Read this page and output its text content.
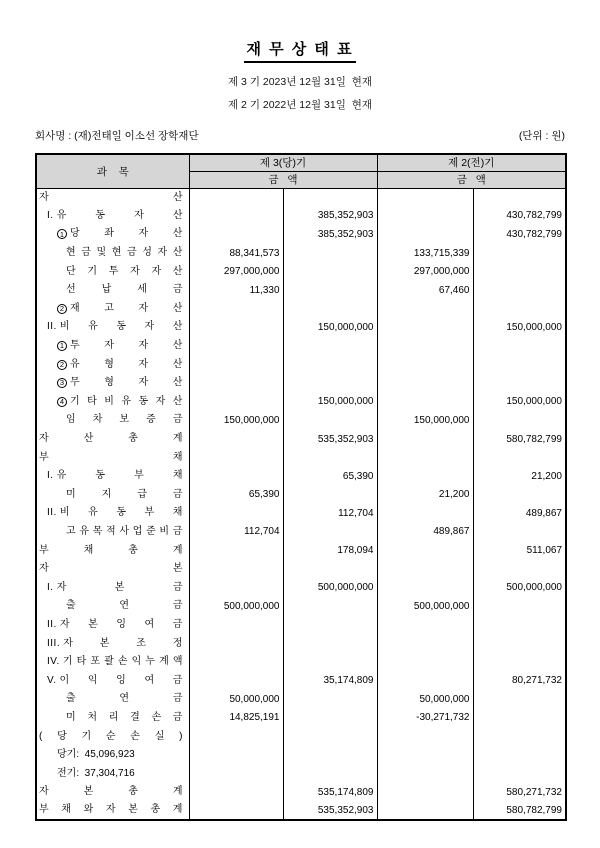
재 무 상 태 표
제 3 기 2023년 12월 31일  현재
제 2 기 2022년 12월 31일  현재
회사명 : (재)전태일 이소선 장학재단	(단위 : 원)
과    목	제 3(당)기		제 2(전)기	
	금   액		금   액	

자 산				

I. 유 동 자 산		385,352,903		430,782,799

1 당 좌 자 산		385,352,903		430,782,799

현 금 및 현 금 성 자 산	88,341,573		133,715,339	

단 기 투 자 자 산	297,000,000		297,000,000	

선 납 세 금	11,330		67,460	

2 재 고 자 산				

II. 비 유 동 자 산		150,000,000		150,000,000

1 투 자 자 산				

2 유 형 자 산				

3 무 형 자 산				

4 기 타 비 유 동 자 산		150,000,000		150,000,000

임 차 보 증 금	150,000,000		150,000,000	

자 산 총 계		535,352,903		580,782,799

부 채				

I. 유 동 부 채		65,390		21,200

미 지 급 금	65,390		21,200	

II. 비 유 동 부 채		112,704		489,867

고 유 목 적 사 업 준 비 금	112,704		489,867	

부 채 총 계		178,094		511,067

자 본				

I. 자 본 금		500,000,000		500,000,000

출 연 금	500,000,000		500,000,000	

II. 자 본 잉 여 금

III. 자 본 조 정				

IV. 기 타 포 괄 손 익 누 계 액

V. 이 익 잉 여 금		35,174,809		80,271,732

출 연 금	50,000,000		50,000,000	

미 처 리 결 손 금	14,825,191		-30,271,732	

( 당 기 순 손 실 )

당기:  45,096,923				

전기:  37,304,716				

자 본 총 계		535,174,809		580,271,732

부 채 와 자 본 총 계		535,352,903		580,782,799
